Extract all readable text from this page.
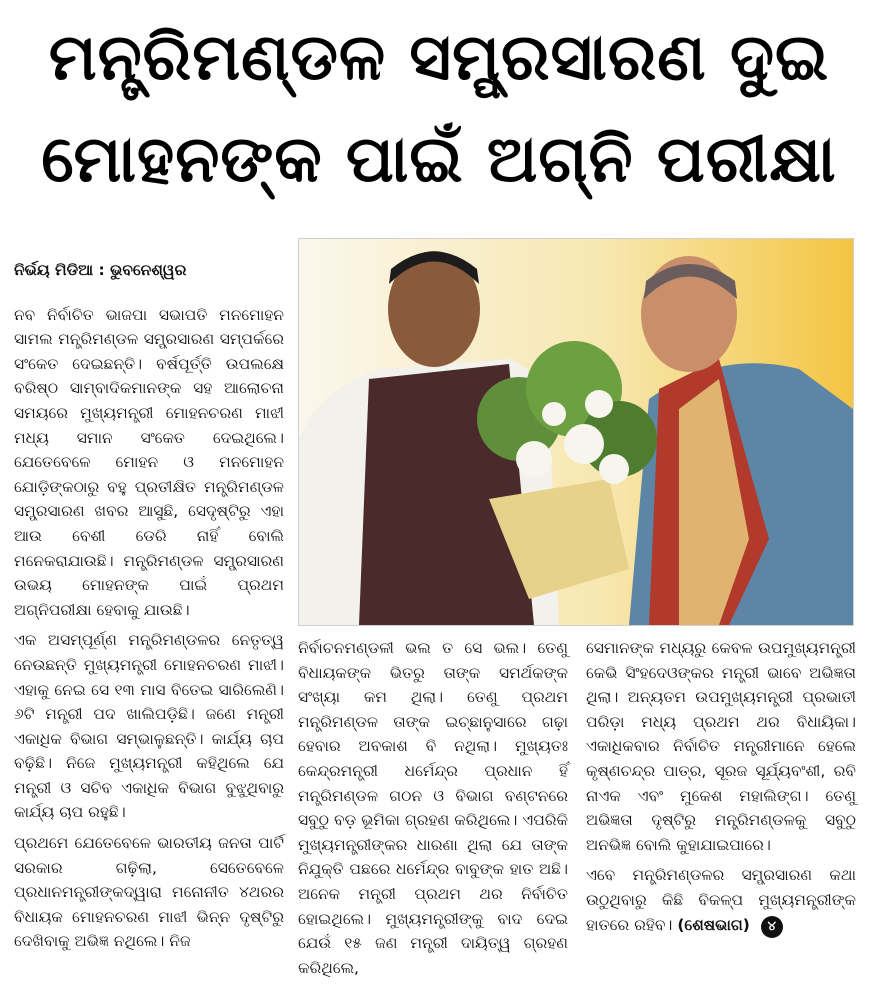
ମନ୍ତ୍ରିମଣ୍ଡଳ ସମ୍ପ୍ରସାରଣ ଦୁଇ
ମୋହନଙ୍କ ପାଇଁ ଅଗ୍ନି ପରୀକ୍ଷା
ନିର୍ଭୟ ମିଡିଆ : ଭୁବନେଶ୍ୱର

ନବ ନିର୍ବାଚିତ ଭାଜପା ସଭାପତି ମନମୋହନ ସାମଲ ମନ୍ତ୍ରିମଣ୍ଡଳ ସମ୍ପ୍ରସାରଣ ସମ୍ପର୍କରେ ସଂକେତ ଦେଇଛନ୍ତି। ବର୍ଷପୂର୍ତ୍ତି ଉପଲକ୍ଷେ ବରିଷ୍ଠ ସାମ୍ବାଦିକମାନଙ୍କ ସହ ଆଲୋଚନା ସମୟରେ ମୁଖ୍ୟମନ୍ତ୍ରୀ ମୋହନଚରଣ ମାଝୀ ମଧ୍ୟ ସମାନ ସଂକେତ ଦେଇଥିଲେ। ଯେତେବେଳେ ମୋହନ ଓ ମନମୋହନ ଯୋଡ଼ିଙ୍କଠାରୁ ବହୁ ପ୍ରତୀକ୍ଷିତ ମନ୍ତ୍ରିମଣ୍ଡଳ ସମ୍ପ୍ରସାରଣ ଖବର ଆସୁଛି, ସେଦୃଷ୍ଟିରୁ ଏହା ଆଉ ବେଶୀ ଡେରି ନାହିଁ ବୋଲି ମନେକରାଯାଉଛି। ମନ୍ତ୍ରିମଣ୍ଡଳ ସମ୍ପ୍ରସାରଣ ଉଭୟ ମୋହନଙ୍କ ପାଇଁ ପ୍ରଥମ ଅଗ୍ନିପରୀକ୍ଷା ହେବାକୁ ଯାଉଛି।

ଏକ ଅସମ୍ପୂର୍ଣ୍ଣ ମନ୍ତ୍ରିମଣ୍ଡଳର ନେତୃତ୍ୱ ନେଉଛନ୍ତି ମୁଖ୍ୟମନ୍ତ୍ରୀ ମୋହନଚରଣ ମାଝୀ। ଏହାକୁ ନେଇ ସେ ୧୩ ମାସ ବିତେଇ ସାରିଲେଣି। ୬ଟି ମନ୍ତ୍ରୀ ପଦ ଖାଲିପଡ଼ିଛି। ଜଣେ ମନ୍ତ୍ରୀ ଏକାଧିକ ବିଭାଗ ସମ୍ଭାଳୁଛନ୍ତି। କାର୍ଯ୍ୟ ଚାପ ବଢ଼ିଛି। ନିଜେ ମୁଖ୍ୟମନ୍ତ୍ରୀ କହିଥିଲେ ଯେ ମନ୍ତ୍ରୀ ଓ ସଚିବ ଏକାଧିକ ବିଭାଗ ବୁଝୁଥିବାରୁ କାର୍ଯ୍ୟ ଚାପ ରହୁଛି।

ପ୍ରଥମେ ଯେତେବେଳେ ଭାରତୀୟ ଜନତା ପାର୍ଟି ସରକାର ଗଢ଼ିଲା, ସେତେବେଳେ ପ୍ରଧାନମନ୍ତ୍ରୀଙ୍କଦ୍ୱାରା ମନୋନୀତ ୪ଥରର ବିଧାୟକ ମୋହନଚରଣ ମାଝୀ ଭିନ୍ନ ଦୃଷ୍ଟିରୁ ଦେଖିବାକୁ ଅଭିଜ୍ଞ ନଥିଲେ। ନିଜ

ନିର୍ବାଚନମଣ୍ଡଳୀ ଭଲ ତ ସେ ଭଲ। ତେଣୁ ବିଧାୟକଙ୍କ ଭିତରୁ ତାଙ୍କ ସମର୍ଥକଙ୍କ ସଂଖ୍ୟା କମ ଥିଲା। ତେଣୁ ପ୍ରଥମ ମନ୍ତ୍ରିମଣ୍ଡଳ ତାଙ୍କ ଇଚ୍ଛାନୁସାରେ ଗଢ଼ା ହେବାର ଅବକାଶ ବି ନଥିଲା। ମୁଖ୍ୟତଃ କେନ୍ଦ୍ରମନ୍ତ୍ରୀ ଧର୍ମେନ୍ଦ୍ର ପ୍ରଧାନ ହିଁ ମନ୍ତ୍ରିମଣ୍ଡଳ ଗଠନ ଓ ବିଭାଗ ବଣ୍ଟନରେ ସବୁଠୁ ବଡ଼ ଭୂମିକା ଗ୍ରହଣ କରିଥିଲେ। ଏପରିକି ମୁଖ୍ୟମନ୍ତ୍ରୀଙ୍କର ଧାରଣା ଥିଲା ଯେ ତାଙ୍କ ନିଯୁକ୍ତି ପଛରେ ଧର୍ମେନ୍ଦ୍ର ବାବୁଙ୍କ ହାତ ଅଛି। ଅନେକ ମନ୍ତ୍ରୀ ପ୍ରଥମ ଥର ନିର୍ବାଚିତ ହୋଇଥିଲେ। ମୁଖ୍ୟମନ୍ତ୍ରୀଙ୍କୁ ବାଦ ଦେଇ ଯେଉଁ ୧୫ ଜଣ ମନ୍ତ୍ରୀ ଦାୟିତ୍ୱ ଗ୍ରହଣ କରିଥିଲେ,

ସେମାନଙ୍କ ମଧ୍ୟରୁ କେବଳ ଉପମୁଖ୍ୟମନ୍ତ୍ରୀ କେଭି ସିଂହଦେଓଙ୍କର ମନ୍ତ୍ରୀ ଭାବେ ଅଭିଜ୍ଞତା ଥିଲା। ଅନ୍ୟତମ ଉପମୁଖ୍ୟମନ୍ତ୍ରୀ ପ୍ରଭାତୀ ପରିଡ଼ା ମଧ୍ୟ ପ୍ରଥମ ଥର ବିଧାୟିକା। ଏକାଧିକବାର ନିର୍ବାଚିତ ମନ୍ତ୍ରୀମାନେ ହେଲେ କୃଷ୍ଣଚନ୍ଦ୍ର ପାତ୍ର, ସୂରଜ ସୂର୍ଯ୍ୟବଂଶୀ, ରବି ନାଏକ ଏବଂ ମୁକେଶ ମହାଲିଙ୍ଗ। ତେଣୁ ଅଭିଜ୍ଞତା ଦୃଷ୍ଟିରୁ ମନ୍ତ୍ରିମଣ୍ଡଳକୁ ସବୁଠୁ ଅନଭିଜ୍ଞ ବୋଲି କୁହାଯାଇପାରେ।

ଏବେ ମନ୍ତ୍ରିମଣ୍ଡଳର ସମ୍ପ୍ରସାରଣ କଥା ଉଠୁଥିବାରୁ କିଛି ବିକଳ୍ପ ମୁଖ୍ୟମନ୍ତ୍ରୀଙ୍କ ହାତରେ ରହିବ। (ଶେଷଭାଗ) ୪
